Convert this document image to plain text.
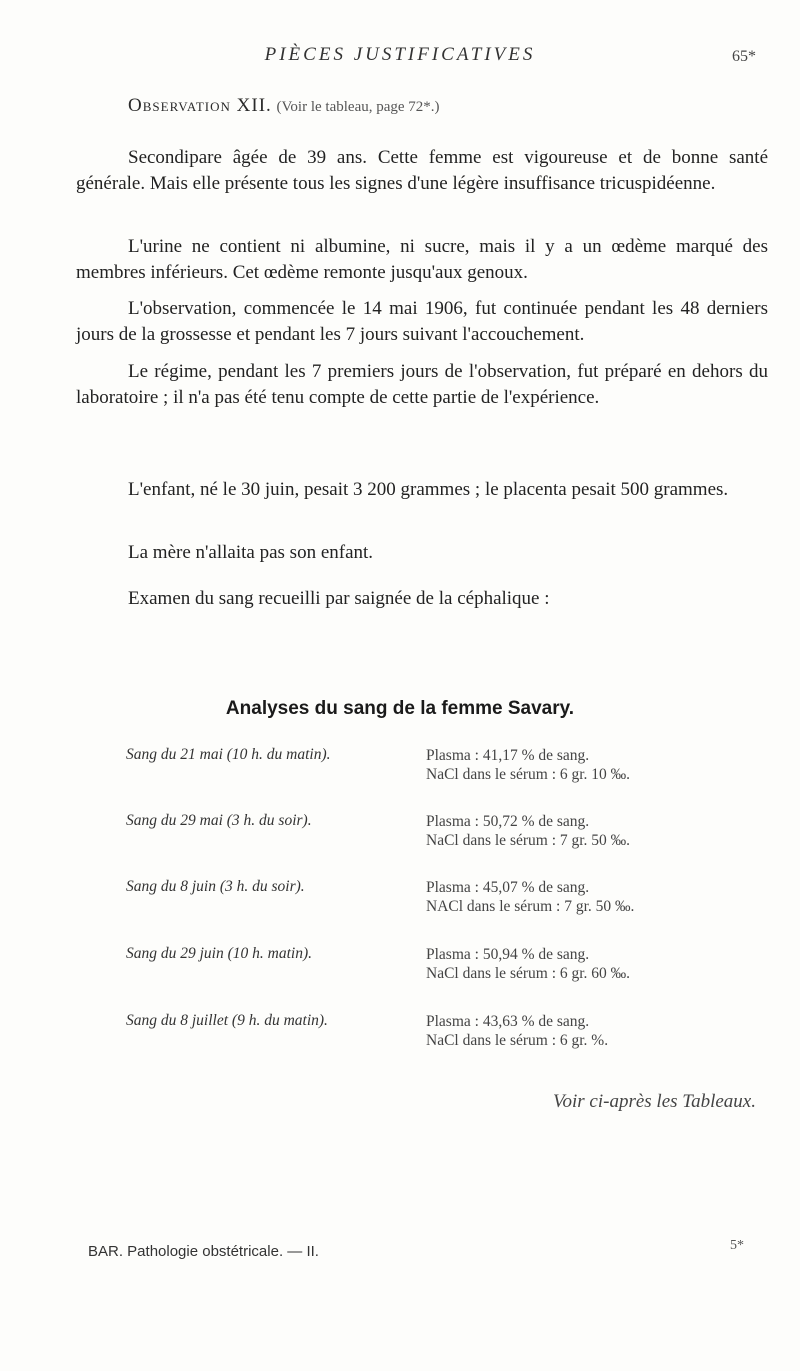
PIÈCES JUSTIFICATIVES	65*
Observation XII. (Voir le tableau, page 72*.)

Secondipare âgée de 39 ans. Cette femme est vigoureuse et de bonne santé générale. Mais elle présente tous les signes d'une légère insuffisance tricuspidéenne.

L'urine ne contient ni albumine, ni sucre, mais il y a un œdème marqué des membres inférieurs. Cet œdème remonte jusqu'aux genoux.

L'observation, commencée le 14 mai 1906, fut continuée pendant les 48 derniers jours de la grossesse et pendant les 7 jours suivant l'accouchement.

Le régime, pendant les 7 premiers jours de l'observation, fut préparé en dehors du laboratoire ; il n'a pas été tenu compte de cette partie de l'expérience.

L'enfant, né le 30 juin, pesait 3 200 grammes ; le placenta pesait 500 grammes.

La mère n'allaita pas son enfant.

Examen du sang recueilli par saignée de la céphalique :

Analyses du sang de la femme Savary.
Sang du 21 mai (10 h. du matin).	Plasma : 41,17 % de sang.
NaCl dans le sérum : 6 gr. 10 ‰.
Sang du 29 mai (3 h. du soir).	Plasma : 50,72 % de sang.
NaCl dans le sérum : 7 gr. 50 ‰.
Sang du 8 juin (3 h. du soir).	Plasma : 45,07 % de sang.
NACl dans le sérum : 7 gr. 50 ‰.
Sang du 29 juin (10 h. matin).	Plasma : 50,94 % de sang.
NaCl dans le sérum : 6 gr. 60 ‰.
Sang du 8 juillet (9 h. du matin).	Plasma : 43,63 % de sang.
NaCl dans le sérum : 6 gr. %.
Voir ci-après les Tableaux.
BAR. Pathologie obstétricale. — II.	5*
